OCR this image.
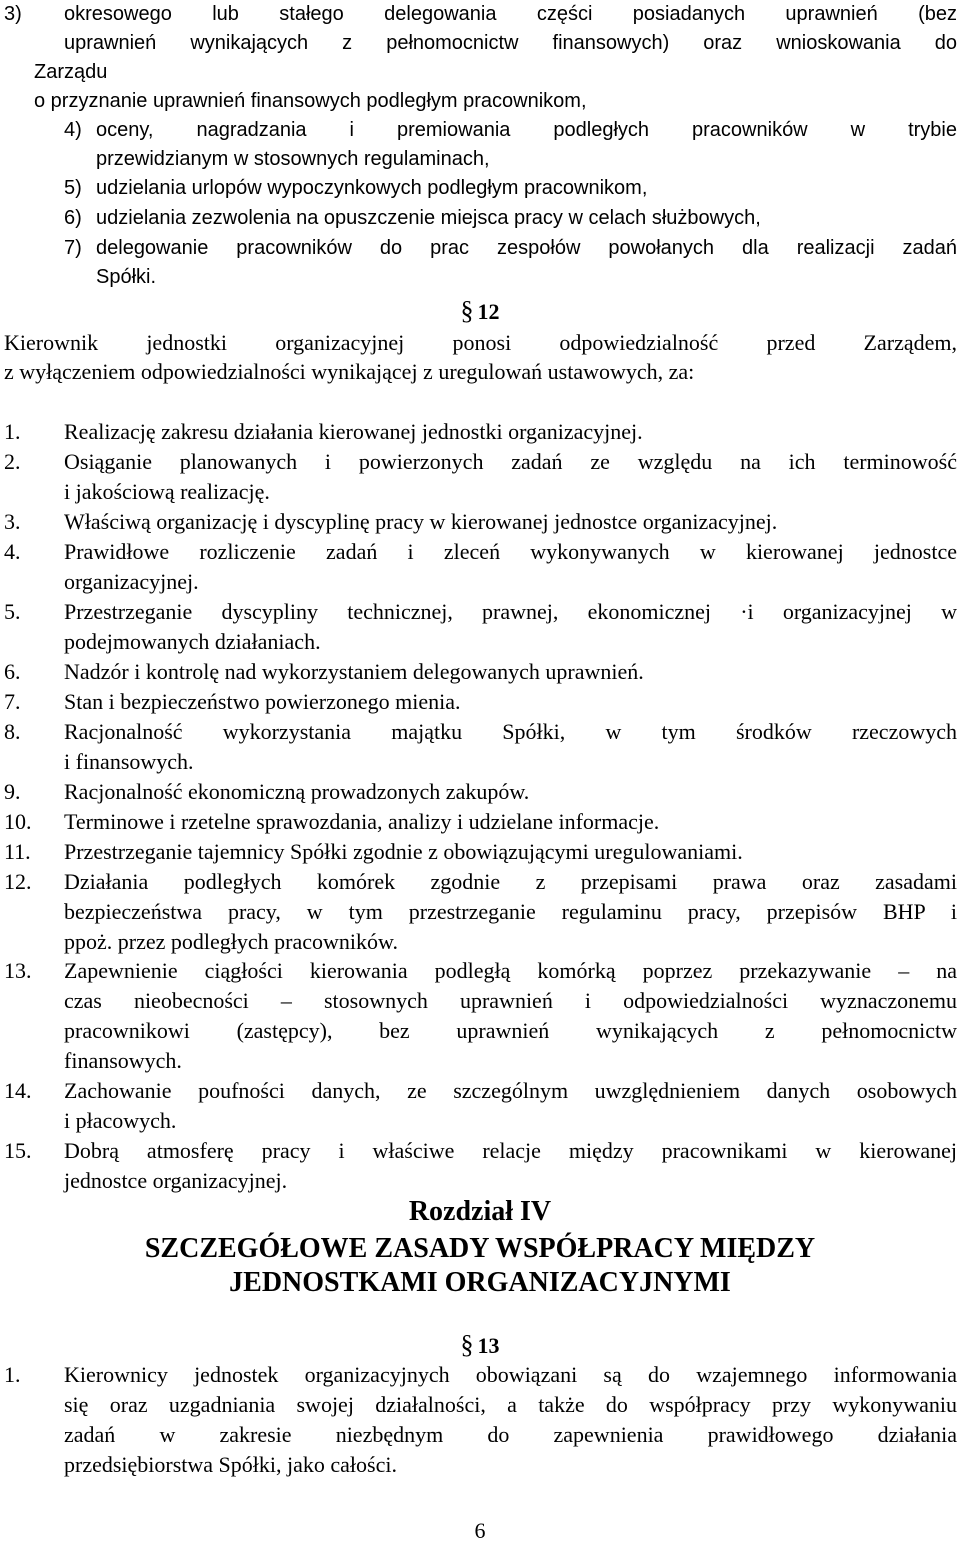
3) okresowego lub stałego delegowania części posiadanych uprawnień (bez
uprawnień wynikających z pełnomocnictw finansowych) oraz wnioskowania do
Zarządu
o przyznanie uprawnień finansowych podległym pracownikom,
4) oceny, nagradzania i premiowania podległych pracowników w trybie
przewidzianym w stosownych regulaminach,
5) udzielania urlopów wypoczynkowych podległym pracownikom,
6) udzielania zezwolenia na opuszczenie miejsca pracy w celach służbowych,
7) delegowanie pracowników do prac zespołów powołanych dla realizacji zadań
Spółki.
§ 12
Kierownik jednostki organizacyjnej ponosi odpowiedzialność przed Zarządem,
z wyłączeniem odpowiedzialności wynikającej z uregulowań ustawowych, za:
1. Realizację zakresu działania kierowanej jednostki organizacyjnej.
2. Osiąganie planowanych i powierzonych zadań ze względu na ich terminowość
i jakościową realizację.
3. Właściwą organizację i dyscyplinę pracy w kierowanej jednostce organizacyjnej.
4. Prawidłowe rozliczenie zadań i zleceń wykonywanych w kierowanej jednostce
organizacyjnej.
5. Przestrzeganie dyscypliny technicznej, prawnej, ekonomicznej ·i organizacyjnej w
podejmowanych działaniach.
6. Nadzór i kontrolę nad wykorzystaniem delegowanych uprawnień.
7. Stan i bezpieczeństwo powierzonego mienia.
8. Racjonalność wykorzystania majątku Spółki, w tym środków rzeczowych
i finansowych.
9. Racjonalność ekonomiczną prowadzonych zakupów.
10. Terminowe i rzetelne sprawozdania, analizy i udzielane informacje.
11. Przestrzeganie tajemnicy Spółki zgodnie z obowiązującymi uregulowaniami.
12. Działania podległych komórek zgodnie z przepisami prawa oraz zasadami
bezpieczeństwa pracy, w tym przestrzeganie regulaminu pracy, przepisów BHP i
ppoż. przez podległych pracowników.
13. Zapewnienie ciągłości kierowania podległą komórką poprzez przekazywanie – na
czas nieobecności – stosownych uprawnień i odpowiedzialności wyznaczonemu
pracownikowi (zastępcy), bez uprawnień wynikających z pełnomocnictw
finansowych.
14. Zachowanie poufności danych, ze szczególnym uwzględnieniem danych osobowych
i płacowych.
15. Dobrą atmosferę pracy i właściwe relacje między pracownikami w kierowanej
jednostce organizacyjnej.
Rozdział IV
SZCZEGÓŁOWE ZASADY WSPÓŁPRACY MIĘDZY
JEDNOSTKAMI ORGANIZACYJNYMI
§ 13
1. Kierownicy jednostek organizacyjnych obowiązani są do wzajemnego informowania
się oraz uzgadniania swojej działalności, a także do współpracy przy wykonywaniu
zadań w zakresie niezbędnym do zapewnienia prawidłowego działania
przedsiębiorstwa Spółki, jako całości.
6
